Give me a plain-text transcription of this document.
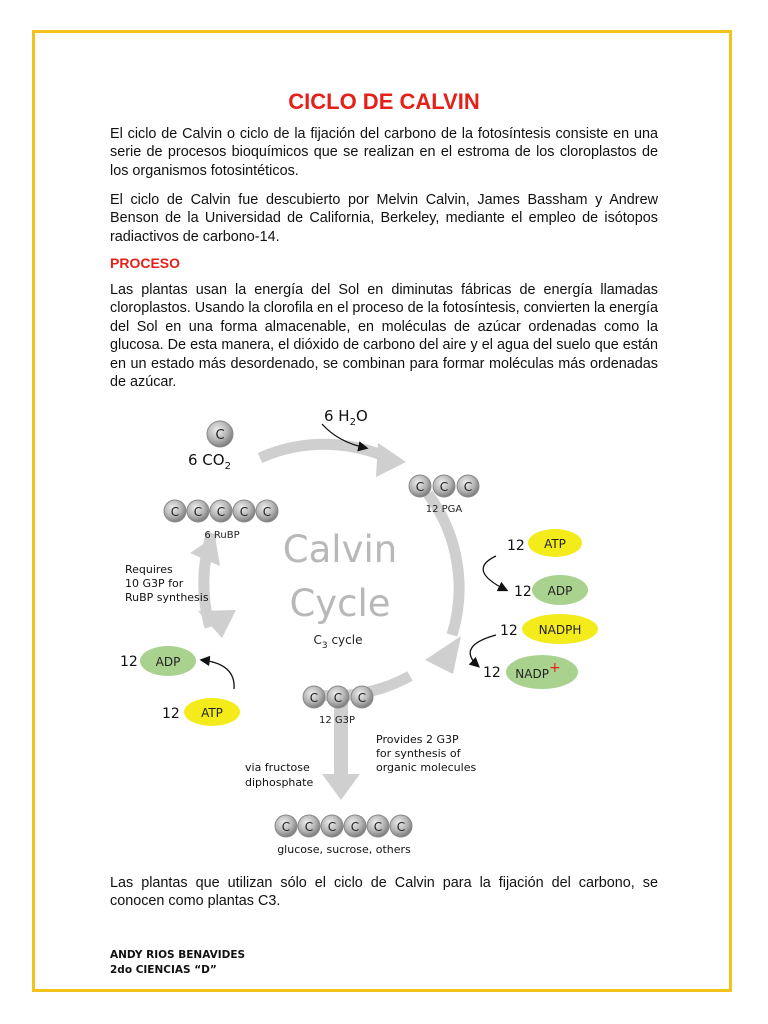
CICLO DE CALVIN

El ciclo de Calvin o ciclo de la fijación del carbono de la fotosíntesis consiste en una serie de procesos bioquímicos que se realizan en el estroma de los cloroplastos de los organismos fotosintéticos.

El ciclo de Calvin fue descubierto por Melvin Calvin, James Bassham y Andrew Benson de la Universidad de California, Berkeley, mediante el empleo de isótopos radiactivos de carbono-14.

PROCESO

Las plantas usan la energía del Sol en diminutas fábricas de energía llamadas cloroplastos. Usando la clorofila en el proceso de la fotosíntesis, convierten la energía del Sol en una forma almacenable, en moléculas de azúcar ordenadas como la glucosa. De esta manera, el dióxido de carbono del aire y el agua del suelo que están en un estado más desordenado, se combinan para formar moléculas más ordenadas de azúcar.

Calvin
Cycle
$C_3$ cycle
C
6 $CO_2$
6 $H_2O$
C C C
12 PGA
C C C C C
6 RuBP
Requires
10 G3P for
RuBP synthesis
C C C
12 G3P
Provides 2 G3P
for synthesis of
organic molecules
via fructose
diphosphate
C C C C C C
glucose, sucrose, others
12 ATP
12 ADP
12 NADPH
12 NADP+
12 ADP
12 ATP

Las plantas que utilizan sólo el ciclo de Calvin para la fijación del carbono, se conocen como plantas C3.

ANDY RIOS BENAVIDES
2do CIENCIAS “D”
